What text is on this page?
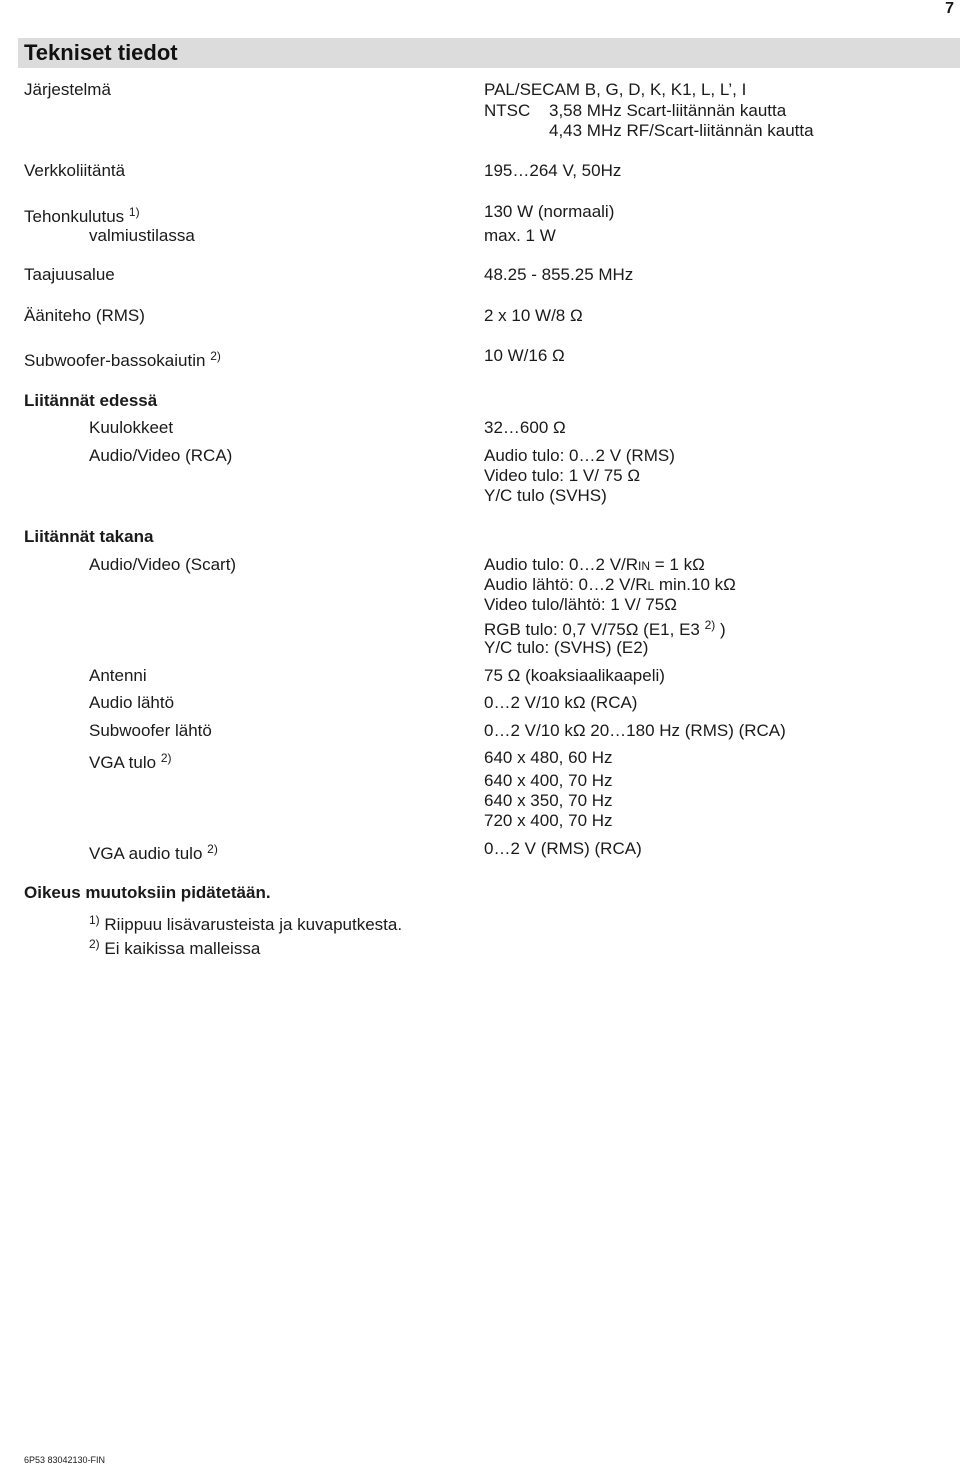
7
Tekniset tiedot
Järjestelmä	PAL/SECAM B, G, D, K, K1, L, L’, I
NTSC 3,58 MHz Scart-liitännän kautta
4,43 MHz RF/Scart-liitännän kautta
Verkkoliitäntä	195…264 V, 50Hz
Tehonkulutus $^{1)}$	130 W (normaali)
valmiustilassa	max. 1 W
Taajuusalue	48.25 - 855.25 MHz
Ääniteho (RMS)	2 x 10 W/8 Ω
Subwoofer-bassokaiutin $^{2)}$	10 W/16 Ω
Liitännät edessä
Kuulokkeet	32…600 Ω
Audio/Video (RCA)	Audio tulo: 0…2 V (RMS)
Video tulo: 1 V/ 75 Ω
Y/C tulo (SVHS)
Liitännät takana
Audio/Video (Scart)	Audio tulo: 0…2 V/RIN = 1 kΩ
Audio lähtö: 0…2 V/RL min.10 kΩ
Video tulo/lähtö: 1 V/ 75Ω
RGB tulo: 0,7 V/75Ω (E1, E3 $^{2)}$ )
Y/C tulo: (SVHS) (E2)
Antenni	75 Ω (koaksiaalikaapeli)
Audio lähtö	0…2 V/10 kΩ (RCA)
Subwoofer lähtö	0…2 V/10 kΩ 20…180 Hz (RMS) (RCA)
VGA tulo $^{2)}$	640 x 480, 60 Hz
640 x 400, 70 Hz
640 x 350, 70 Hz
720 x 400, 70 Hz
VGA audio tulo $^{2)}$	0…2 V (RMS) (RCA)
Oikeus muutoksiin pidätetään.
$^{1)}$ Riippuu lisävarusteista ja kuvaputkesta.
$^{2)}$ Ei kaikissa malleissa
6P53 83042130-FIN
